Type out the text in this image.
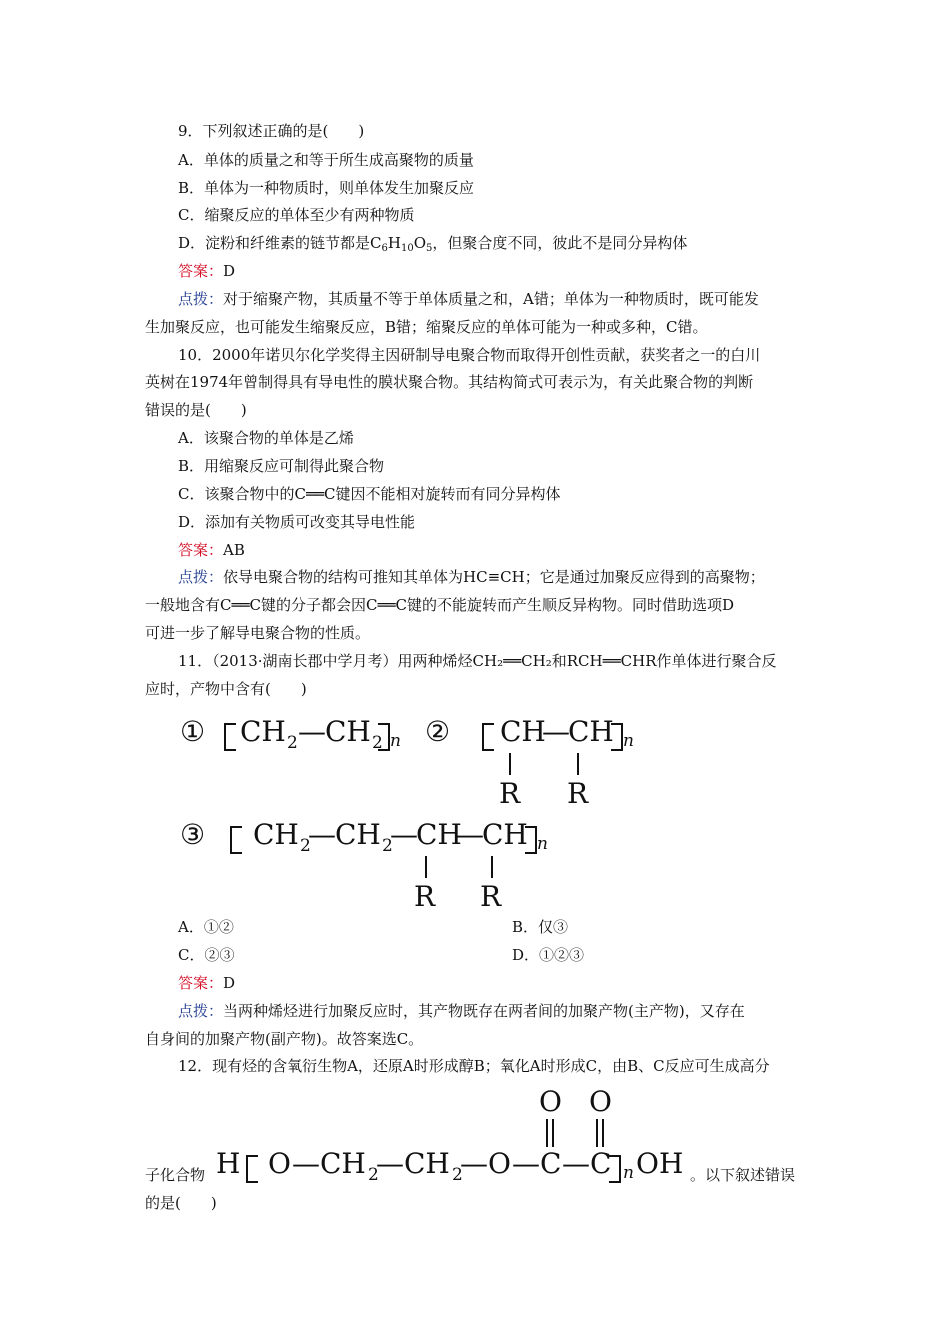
9．下列叙述正确的是(　　)
A．单体的质量之和等于所生成高聚物的质量
B．单体为一种物质时，则单体发生加聚反应
C．缩聚反应的单体至少有两种物质
D．淀粉和纤维素的链节都是$C_6H_{10}O_5$，但聚合度不同，彼此不是同分异构体
答案：D
点拨：对于缩聚产物，其质量不等于单体质量之和，A错；单体为一种物质时，既可能发
生加聚反应，也可能发生缩聚反应，B错；缩聚反应的单体可能为一种或多种，C错。
10．2000年诺贝尔化学奖得主因研制导电聚合物而取得开创性贡献，获奖者之一的白川
英树在1974年曾制得具有导电性的膜状聚合物。其结构简式可表示为，有关此聚合物的判断
错误的是(　　)
A．该聚合物的单体是乙烯
B．用缩聚反应可制得此聚合物
C．该聚合物中的C══C键因不能相对旋转而有同分异构体
D．添加有关物质可改变其导电性能
答案：AB
点拨：依导电聚合物的结构可推知其单体为HC≡CH；它是通过加聚反应得到的高聚物；
一般地含有C══C键的分子都会因C══C键的不能旋转而产生顺反异构物。同时借助选项D
可进一步了解导电聚合物的性质。
11．（2013·湖南长郡中学月考）用两种烯烃CH₂══CH₂和RCH══CHR作单体进行聚合反
应时，产物中含有(　　)
① CH 2 — CH 2 n ② CH
—
CH n
R R
③ CH 2
— CH 2
—
CH
—
CH n
R R
A．①②	B．仅③
C．②③	D．①②③
答案：D
点拨：当两种烯烃进行加聚反应时，其产物既存在两者间的加聚产物(主产物)，又存在
自身间的加聚产物(副产物)。故答案选C。
12．现有烃的含氧衍生物A，还原A时形成醇B；氧化A时形成C，由B、C反应可生成高分
子化合物 H O — CH 2
— CH 2
— O — C — C n OH
O O
。以下叙述错误
的是(　　)
